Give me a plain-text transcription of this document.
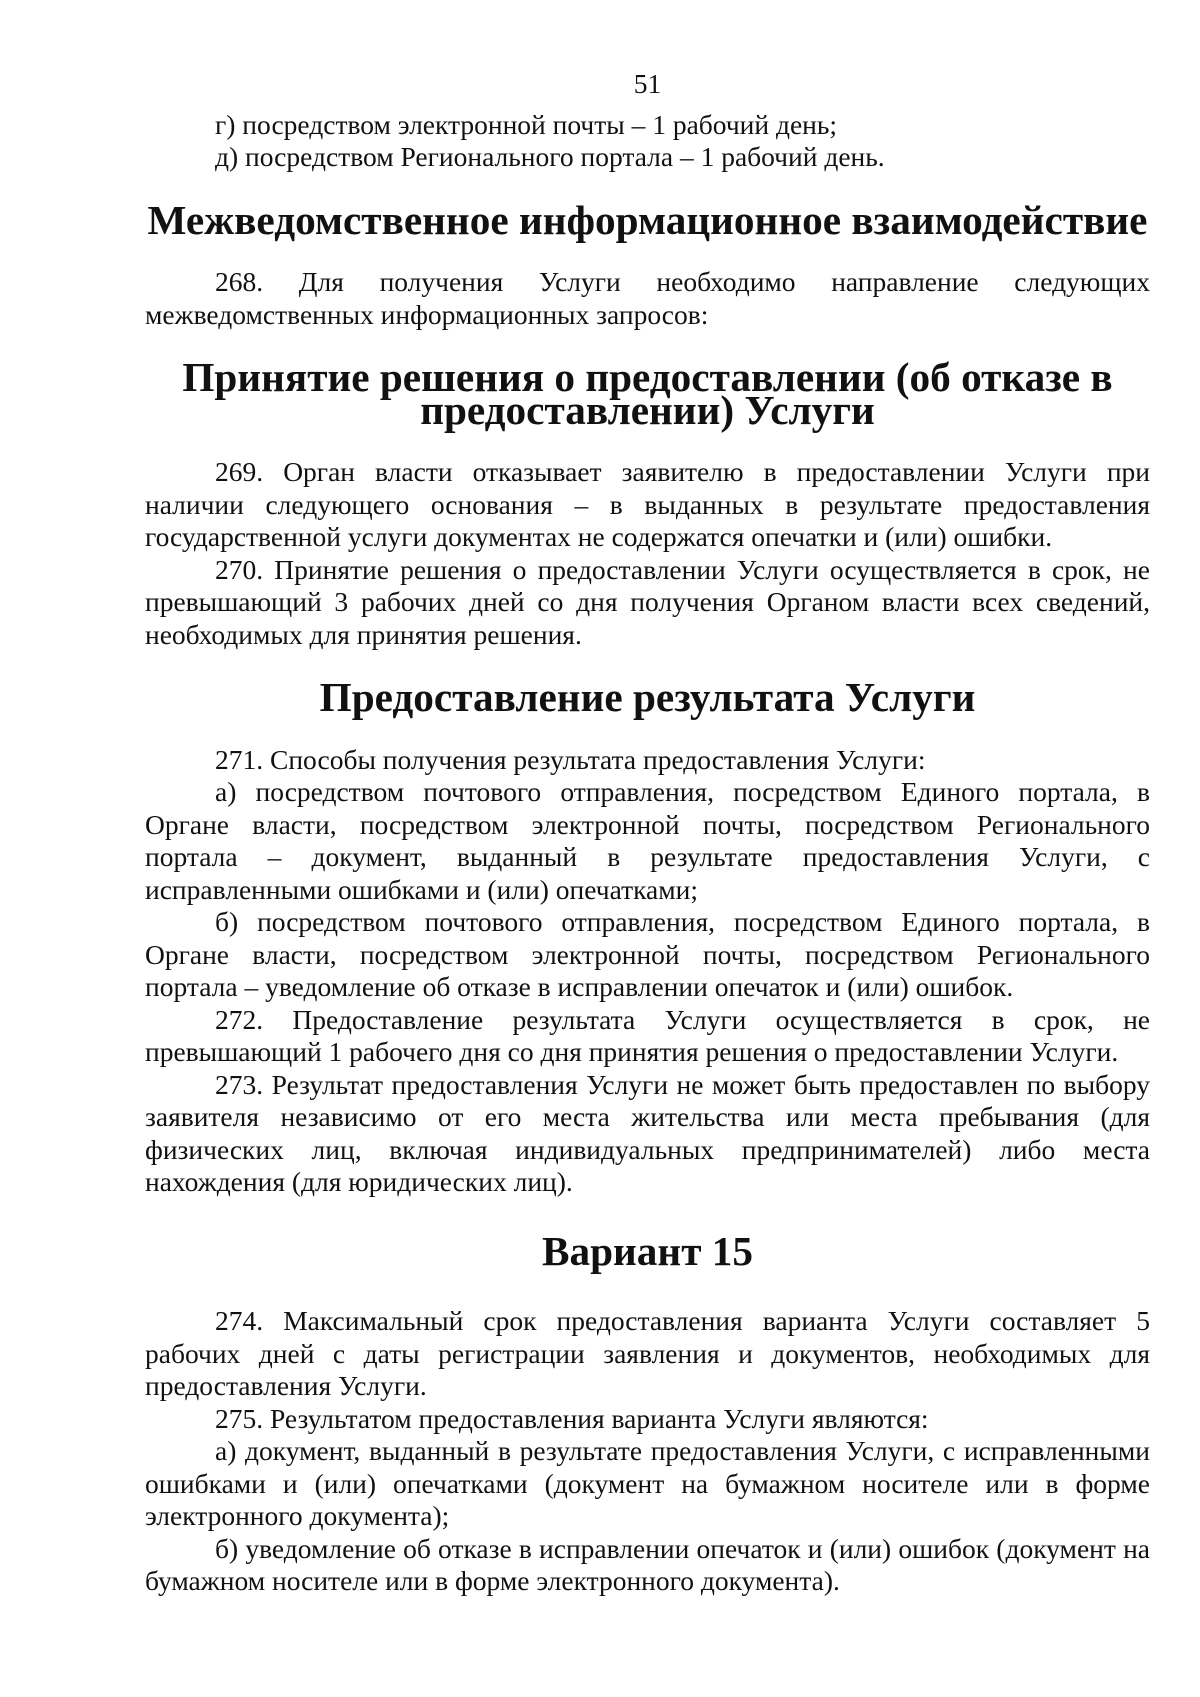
51

г) посредством электронной почты – 1 рабочий день;

д) посредством Регионального портала – 1 рабочий день.

Межведомственное информационное взаимодействие

268. Для получения Услуги необходимо направление следующих межведомственных информационных запросов:

Принятие решения о предоставлении (об отказе в предоставлении) Услуги

269. Орган власти отказывает заявителю в предоставлении Услуги при наличии следующего основания – в выданных в результате предоставления государственной услуги документах не содержатся опечатки и (или) ошибки.

270. Принятие решения о предоставлении Услуги осуществляется в срок, не превышающий 3 рабочих дней со дня получения Органом власти всех сведений, необходимых для принятия решения.

Предоставление результата Услуги

271. Способы получения результата предоставления Услуги:

а) посредством почтового отправления, посредством Единого портала, в Органе власти, посредством электронной почты, посредством Регионального портала – документ, выданный в результате предоставления Услуги, с исправленными ошибками и (или) опечатками;

б) посредством почтового отправления, посредством Единого портала, в Органе власти, посредством электронной почты, посредством Регионального портала – уведомление об отказе в исправлении опечаток и (или) ошибок.

272. Предоставление результата Услуги осуществляется в срок, не превышающий 1 рабочего дня со дня принятия решения о предоставлении Услуги.

273. Результат предоставления Услуги не может быть предоставлен по выбору заявителя независимо от его места жительства или места пребывания (для физических лиц, включая индивидуальных предпринимателей) либо места нахождения (для юридических лиц).

Вариант 15

274. Максимальный срок предоставления варианта Услуги составляет 5 рабочих дней с даты регистрации заявления и документов, необходимых для предоставления Услуги.

275. Результатом предоставления варианта Услуги являются:

а) документ, выданный в результате предоставления Услуги, с исправленными ошибками и (или) опечатками (документ на бумажном носителе или в форме электронного документа);

б) уведомление об отказе в исправлении опечаток и (или) ошибок (документ на бумажном носителе или в форме электронного документа).
